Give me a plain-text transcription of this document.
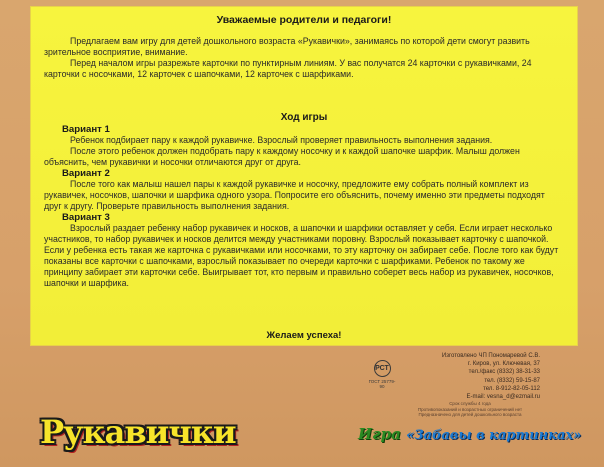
Уважаемые родители и педагоги!

Предлагаем вам игру для детей дошкольного возраста «Рукавички», занимаясь по которой дети смогут развить зрительное восприятие, внимание.

Перед началом игры разрежьте карточки по пунктирным линиям. У вас получатся 24 карточки с рукавичками, 24 карточки с носочками, 12 карточек с шапочками, 12 карточек с шарфиками.

Ход игры

Вариант 1

Ребенок подбирает пару к каждой рукавичке. Взрослый проверяет правильность выполнения задания.

После этого ребенок должен подобрать пару к каждому носочку и к каждой шапочке шарфик. Малыш должен объяснить, чем рукавички и носочки отличаются друг от друга.

Вариант 2

После того как малыш нашел пары к каждой рукавичке и носочку, предложите ему собрать полный комплект из рукавичек, носочков, шапочки и шарфика одного узора. Попросите его объяснить, почему именно эти предметы подходят друг к другу. Проверьте правильность выполнения задания.

Вариант 3

Взрослый раздает ребенку набор рукавичек и носков, а шапочки и шарфики оставляет у себя. Если играет несколько участников, то набор рукавичек и носков делится между участниками поровну. Взрослый показывает карточку с шапочкой. Если у ребенка есть такая же карточка с рукавичками или носочками, то эту карточку он забирает себе. После того как будут показаны все карточки с шапочками, взрослый показывает по очереди карточки с шарфиками. Ребенок по такому же принципу забирает эти карточки себе. Выигрывает тот, кто первым и правильно соберет весь набор из рукавичек, носочков, шапочки и шарфика.

Желаем успеха!
РСТ
ГОСТ 25779-90
Изготовлено ЧП Пономаревой С.В.
г. Киров, ул. Ключевая, 37
тел./факс (8332) 38-31-33
тел. (8332) 59-15-87
тел. 8-912-82-05-112
E-mail: vesna_d@ezmail.ru
Срок службы 4 года
Противопоказаний и возрастных ограничений нет
Предназначено для детей дошкольного возраста
Рукавички	Игра «Забавы в картинках»
